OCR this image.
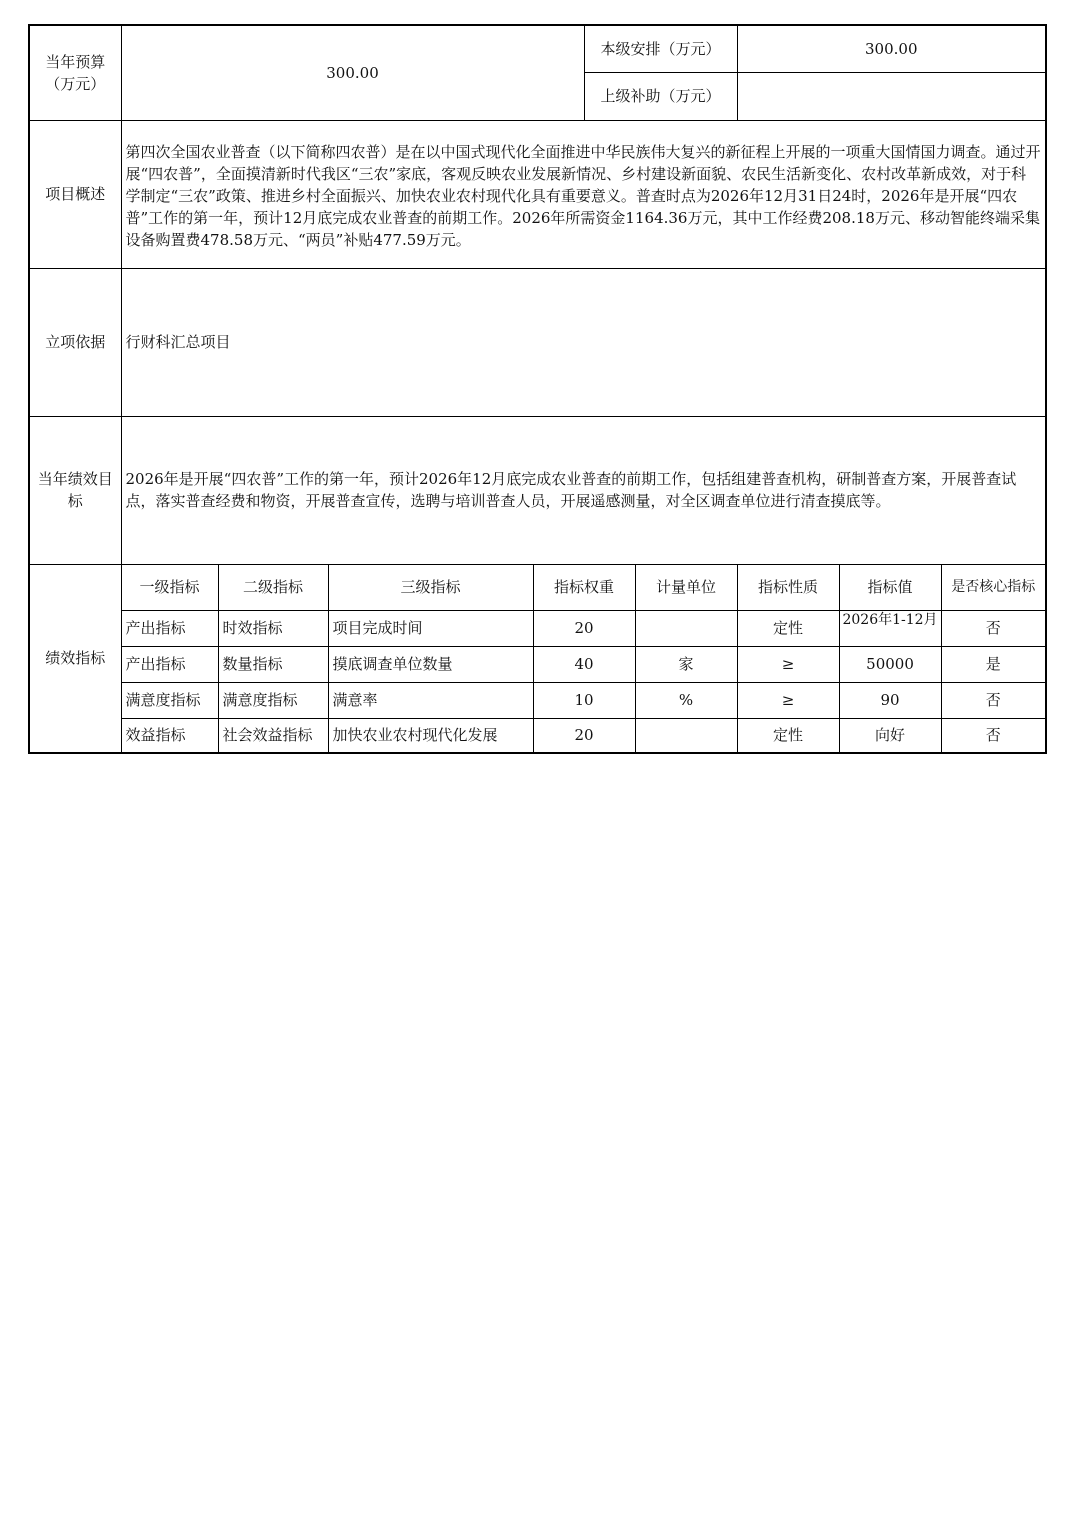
当年预算（万元）	300.00				本级安排（万元）		300.00		
					上级补助（万元）				
项目概述	第四次全国农业普查（以下简称四农普）是在以中国式现代化全面推进中华民族伟大复兴的新征程上开展的一项重大国情国力调查。通过开展“四农普”，全面摸清新时代我区“三农”家底，客观反映农业发展新情况、乡村建设新面貌、农民生活新变化、农村改革新成效，对于科学制定“三农”政策、推进乡村全面振兴、加快农业农村现代化具有重要意义。普查时点为2026年12月31日24时，2026年是开展“四农普”工作的第一年，预计12月底完成农业普查的前期工作。2026年所需资金1164.36万元，其中工作经费208.18万元、移动智能终端采集设备购置费478.58万元、“两员”补贴477.59万元。								
立项依据	行财科汇总项目								
当年绩效目标	2026年是开展“四农普”工作的第一年，预计2026年12月底完成农业普查的前期工作，包括组建普查机构，研制普查方案，开展普查试点，落实普查经费和物资，开展普查宣传，选聘与培训普查人员，开展遥感测量，对全区调查单位进行清查摸底等。								
绩效指标	一级指标	二级指标	三级指标	指标权重		计量单位	指标性质	指标值	是否核心指标
	产出指标	时效指标	项目完成时间	20			定性	2026年1-12月	否
	产出指标	数量指标	摸底调查单位数量	40		家	≥	50000	是
	满意度指标	满意度指标	满意率	10		%	≥	90	否
	效益指标	社会效益指标	加快农业农村现代化发展	20			定性	向好	否
